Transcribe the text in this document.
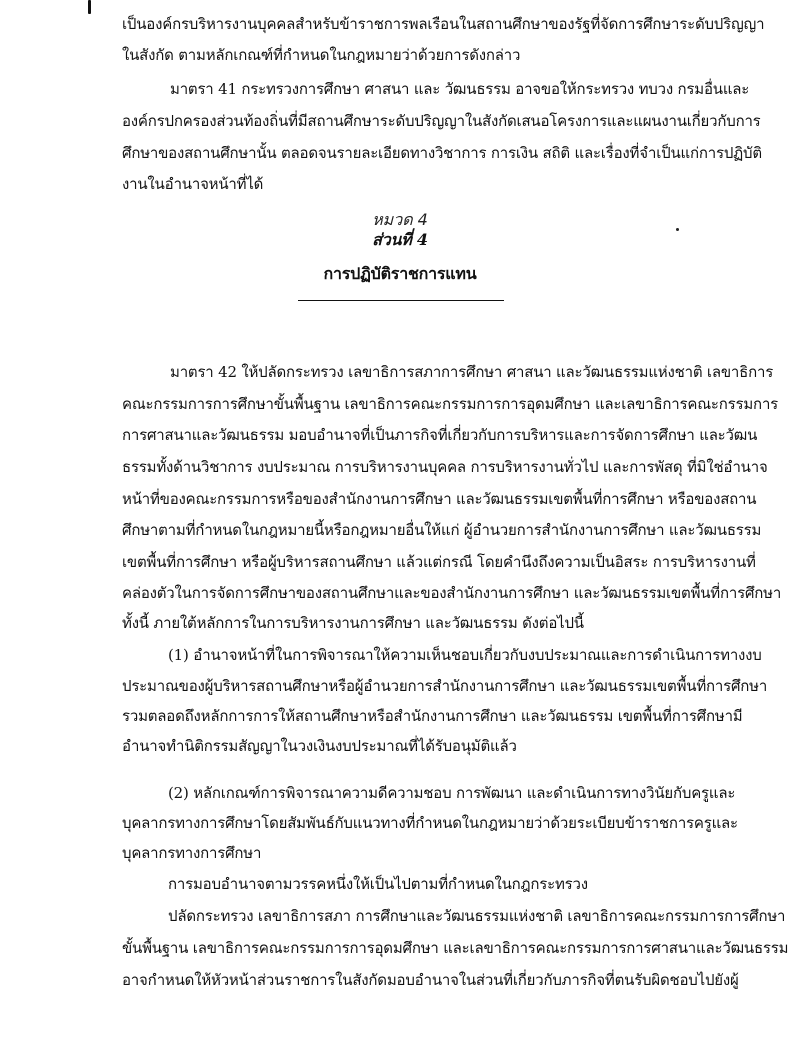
เป็นองค์กรบริหารงานบุคคลสำหรับข้าราชการพลเรือนในสถานศึกษาของรัฐที่จัดการศึกษาระดับปริญญา
ในสังกัด ตามหลักเกณฑ์ที่กำหนดในกฎหมายว่าด้วยการดังกล่าว
มาตรา 41 กระทรวงการศึกษา ศาสนา และ วัฒนธรรม อาจขอให้กระทรวง ทบวง กรมอื่นและ
องค์กรปกครองส่วนท้องถิ่นที่มีสถานศึกษาระดับปริญญาในสังกัดเสนอโครงการและแผนงานเกี่ยวกับการ
ศึกษาของสถานศึกษานั้น ตลอดจนรายละเอียดทางวิชาการ การเงิน สถิติ และเรื่องที่จำเป็นแก่การปฏิบัติ
งานในอำนาจหน้าที่ได้
หมวด 4
ส่วนที่ 4
การปฏิบัติราชการแทน
มาตรา 42 ให้ปลัดกระทรวง เลขาธิการสภาการศึกษา ศาสนา และวัฒนธรรมแห่งชาติ เลขาธิการ
คณะกรรมการการศึกษาขั้นพื้นฐาน เลขาธิการคณะกรรมการการอุดมศึกษา และเลขาธิการคณะกรรมการ
การศาสนาและวัฒนธรรม มอบอำนาจที่เป็นภารกิจที่เกี่ยวกับการบริหารและการจัดการศึกษา และวัฒน
ธรรมทั้งด้านวิชาการ งบประมาณ การบริหารงานบุคคล การบริหารงานทั่วไป และการพัสดุ ที่มิใช่อำนาจ
หน้าที่ของคณะกรรมการหรือของสำนักงานการศึกษา และวัฒนธรรมเขตพื้นที่การศึกษา หรือของสถาน
ศึกษาตามที่กำหนดในกฎหมายนี้หรือกฎหมายอื่นให้แก่ ผู้อำนวยการสำนักงานการศึกษา และวัฒนธรรม
เขตพื้นที่การศึกษา หรือผู้บริหารสถานศึกษา แล้วแต่กรณี โดยคำนึงถึงความเป็นอิสระ การบริหารงานที่
คล่องตัวในการจัดการศึกษาของสถานศึกษาและของสำนักงานการศึกษา และวัฒนธรรมเขตพื้นที่การศึกษา
ทั้งนี้ ภายใต้หลักการในการบริหารงานการศึกษา และวัฒนธรรม ดังต่อไปนี้
(1) อำนาจหน้าที่ในการพิจารณาให้ความเห็นชอบเกี่ยวกับงบประมาณและการดำเนินการทางงบ
ประมาณของผู้บริหารสถานศึกษาหรือผู้อำนวยการสำนักงานการศึกษา และวัฒนธรรมเขตพื้นที่การศึกษา
รวมตลอดถึงหลักการการให้สถานศึกษาหรือสำนักงานการศึกษา และวัฒนธรรม เขตพื้นที่การศึกษามี
อำนาจทำนิติกรรมสัญญาในวงเงินงบประมาณที่ได้รับอนุมัติแล้ว
(2) หลักเกณฑ์การพิจารณาความดีความชอบ การพัฒนา และดำเนินการทางวินัยกับครูและ
บุคลากรทางการศึกษาโดยสัมพันธ์กับแนวทางที่กำหนดในกฎหมายว่าด้วยระเบียบข้าราชการครูและ
บุคลากรทางการศึกษา
การมอบอำนาจตามวรรคหนึ่งให้เป็นไปตามที่กำหนดในกฎกระทรวง
ปลัดกระทรวง เลขาธิการสภา การศึกษาและวัฒนธรรมแห่งชาติ เลขาธิการคณะกรรมการการศึกษา
ขั้นพื้นฐาน เลขาธิการคณะกรรมการการอุดมศึกษา และเลขาธิการคณะกรรมการการศาสนาและวัฒนธรรม
อาจกำหนดให้หัวหน้าส่วนราชการในสังกัดมอบอำนาจในส่วนที่เกี่ยวกับภารกิจที่ตนรับผิดชอบไปยังผู้
